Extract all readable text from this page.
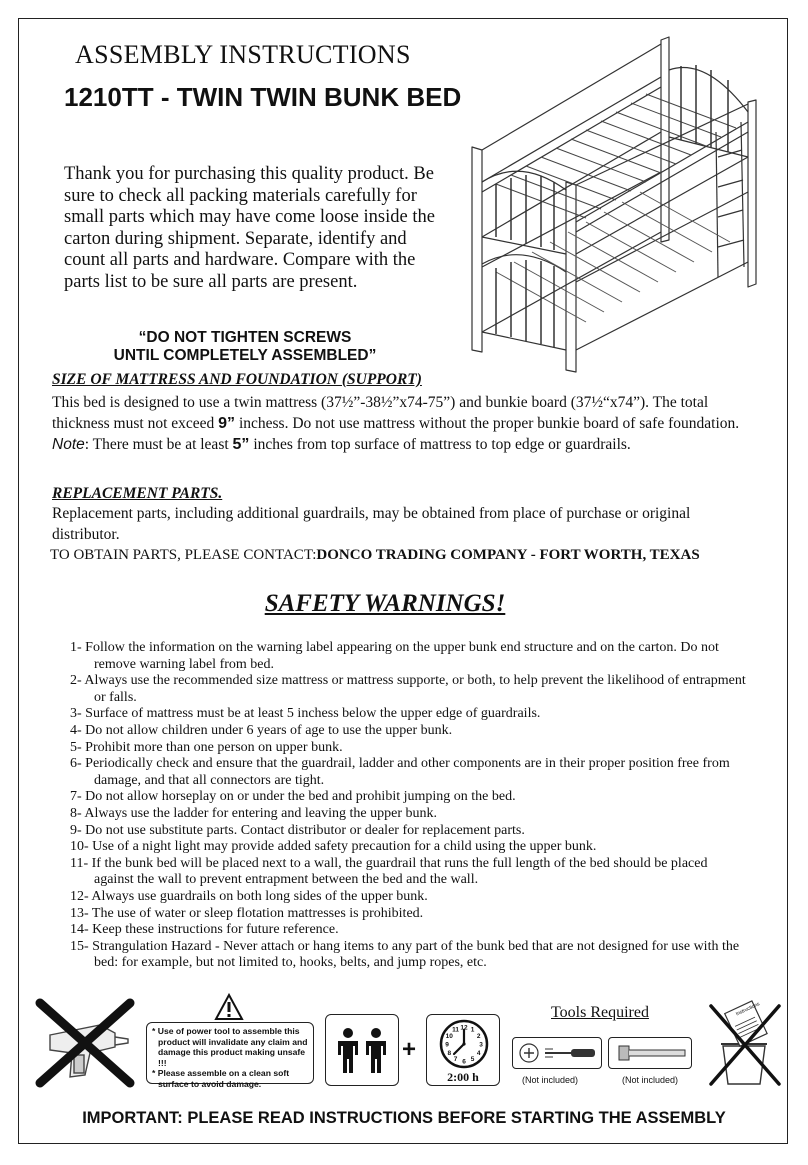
ASSEMBLY INSTRUCTIONS
1210TT - TWIN TWIN BUNK BED
Thank you for purchasing this quality product. Be sure to check all packing materials carefully for small parts which may have come loose inside the carton during shipment. Separate, identify and count all parts and hardware. Compare with the parts list to be sure all parts are present.
“DO NOT TIGHTEN SCREWS
UNTIL COMPLETELY ASSEMBLED”
SIZE OF MATTRESS AND FOUNDATION (SUPPORT)
This bed is designed to use a twin mattress (37½”-38½”x74-75”) and bunkie board (37½“x74”). The total thickness must not exceed 9” inchess. Do not use mattress without the proper bunkie board of safe foundation.
Note: There must be at least 5” inches from top surface of mattress to top edge or guardrails.
REPLACEMENT PARTS.
Replacement parts, including additional guardrails, may be obtained from place of purchase or original distributor.
TO OBTAIN PARTS, PLEASE CONTACT:DONCO TRADING COMPANY - FORT WORTH, TEXAS
SAFETY WARNINGS!
1- Follow the information on the warning label appearing on the upper bunk end structure and on the carton. Do not remove warning label from bed.
2- Always use the recommended size mattress or mattress supporte, or both, to help prevent the likelihood of entrapment or falls.
3- Surface of mattress must be at least 5 inchess below the upper edge of guardrails.
4- Do not allow children under 6 years of age to use the upper bunk.
5- Prohibit more than one person on upper bunk.
6- Periodically check and ensure that the guardrail, ladder and other components are in their proper position free from damage, and that all connectors are tight.
7- Do not allow horseplay on or under the bed and prohibit jumping on the bed.
8- Always use the ladder for entering and leaving the upper bunk.
9- Do not use substitute parts. Contact distributor or dealer for replacement parts.
10- Use of a night light may provide added safety precaution for a child using the upper bunk.
11- If the bunk bed will be placed next to a wall, the guardrail that runs the full length of the bed should be placed against the wall to prevent entrapment between the bed and the wall.
12- Always use guardrails on both long sides of the upper bunk.
13- The use of water or sleep flotation mattresses is prohibited.
14- Keep these instructions for future reference.
15- Strangulation Hazard - Never attach or hang items to any part of the bunk bed that are not designed for use with the bed: for example, but not limited to, hooks, belts, and jump ropes, etc.
* Use of power tool to assemble this
product will invalidate any claim and
damage this product making unsafe !!!
* Please assemble on a clean soft
surface to avoid damage.
+
12 1
2
3
4
5
6
7
8
9
10
11
2:00 h
Tools Required
(Not included)	(Not included)
Instructions
IMPORTANT: PLEASE READ INSTRUCTIONS BEFORE STARTING THE ASSEMBLY
